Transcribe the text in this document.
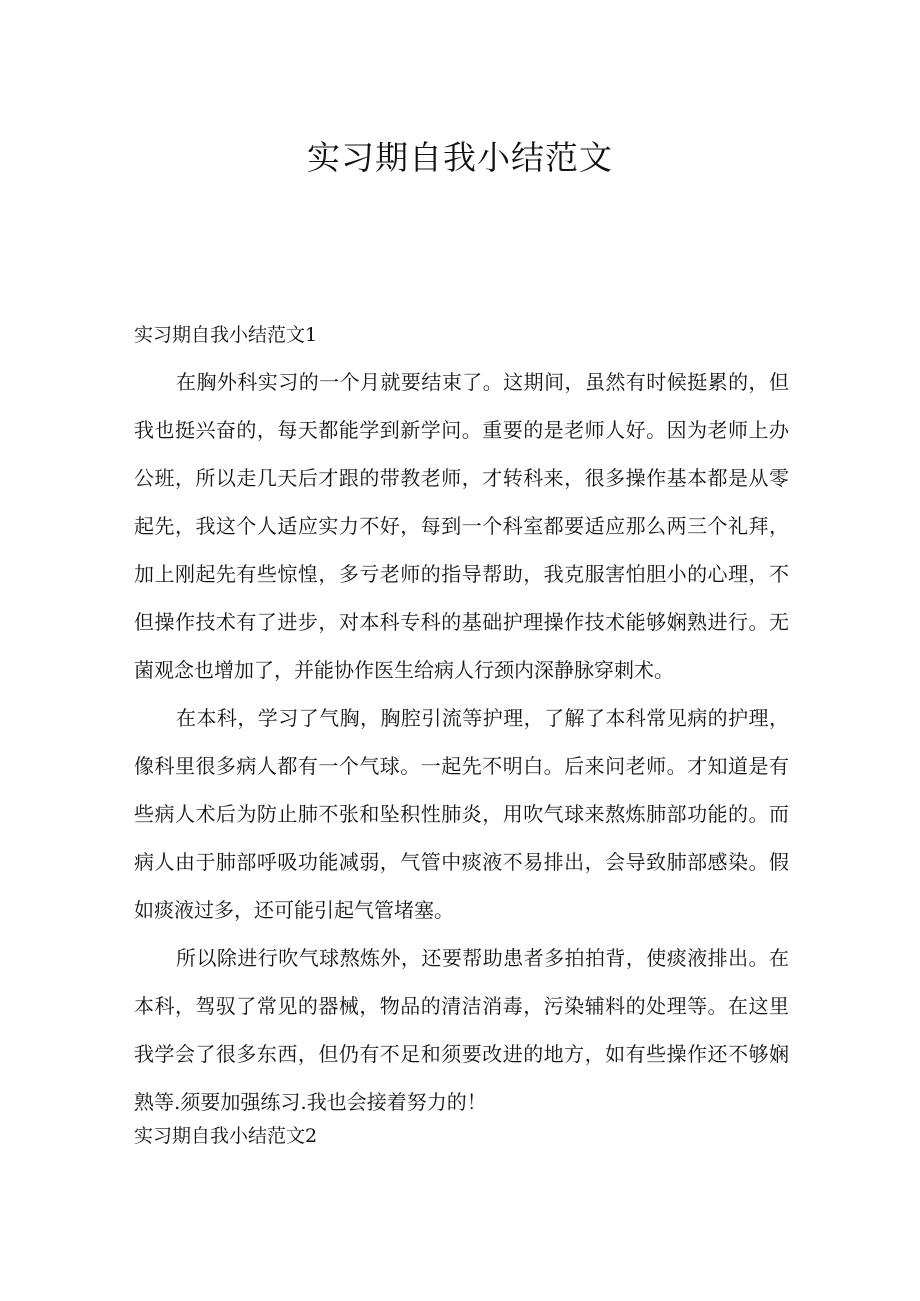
实习期自我小结范文
实习期自我小结范文1

在胸外科实习的一个月就要结束了。这期间，虽然有时候挺累的，但我也挺兴奋的，每天都能学到新学问。重要的是老师人好。因为老师上办公班，所以走几天后才跟的带教老师，才转科来，很多操作基本都是从零起先，我这个人适应实力不好，每到一个科室都要适应那么两三个礼拜，加上刚起先有些惊惶，多亏老师的指导帮助，我克服害怕胆小的心理，不但操作技术有了进步，对本科专科的基础护理操作技术能够娴熟进行。无菌观念也增加了，并能协作医生给病人行颈内深静脉穿刺术。

在本科，学习了气胸，胸腔引流等护理，了解了本科常见病的护理，像科里很多病人都有一个气球。一起先不明白。后来问老师。才知道是有些病人术后为防止肺不张和坠积性肺炎，用吹气球来熬炼肺部功能的。而病人由于肺部呼吸功能减弱，气管中痰液不易排出，会导致肺部感染。假如痰液过多，还可能引起气管堵塞。

所以除进行吹气球熬炼外，还要帮助患者多拍拍背，使痰液排出。在本科，驾驭了常见的器械，物品的清洁消毒，污染辅料的处理等。在这里我学会了很多东西，但仍有不足和须要改进的地方，如有些操作还不够娴熟等.须要加强练习.我也会接着努力的！

实习期自我小结范文2
